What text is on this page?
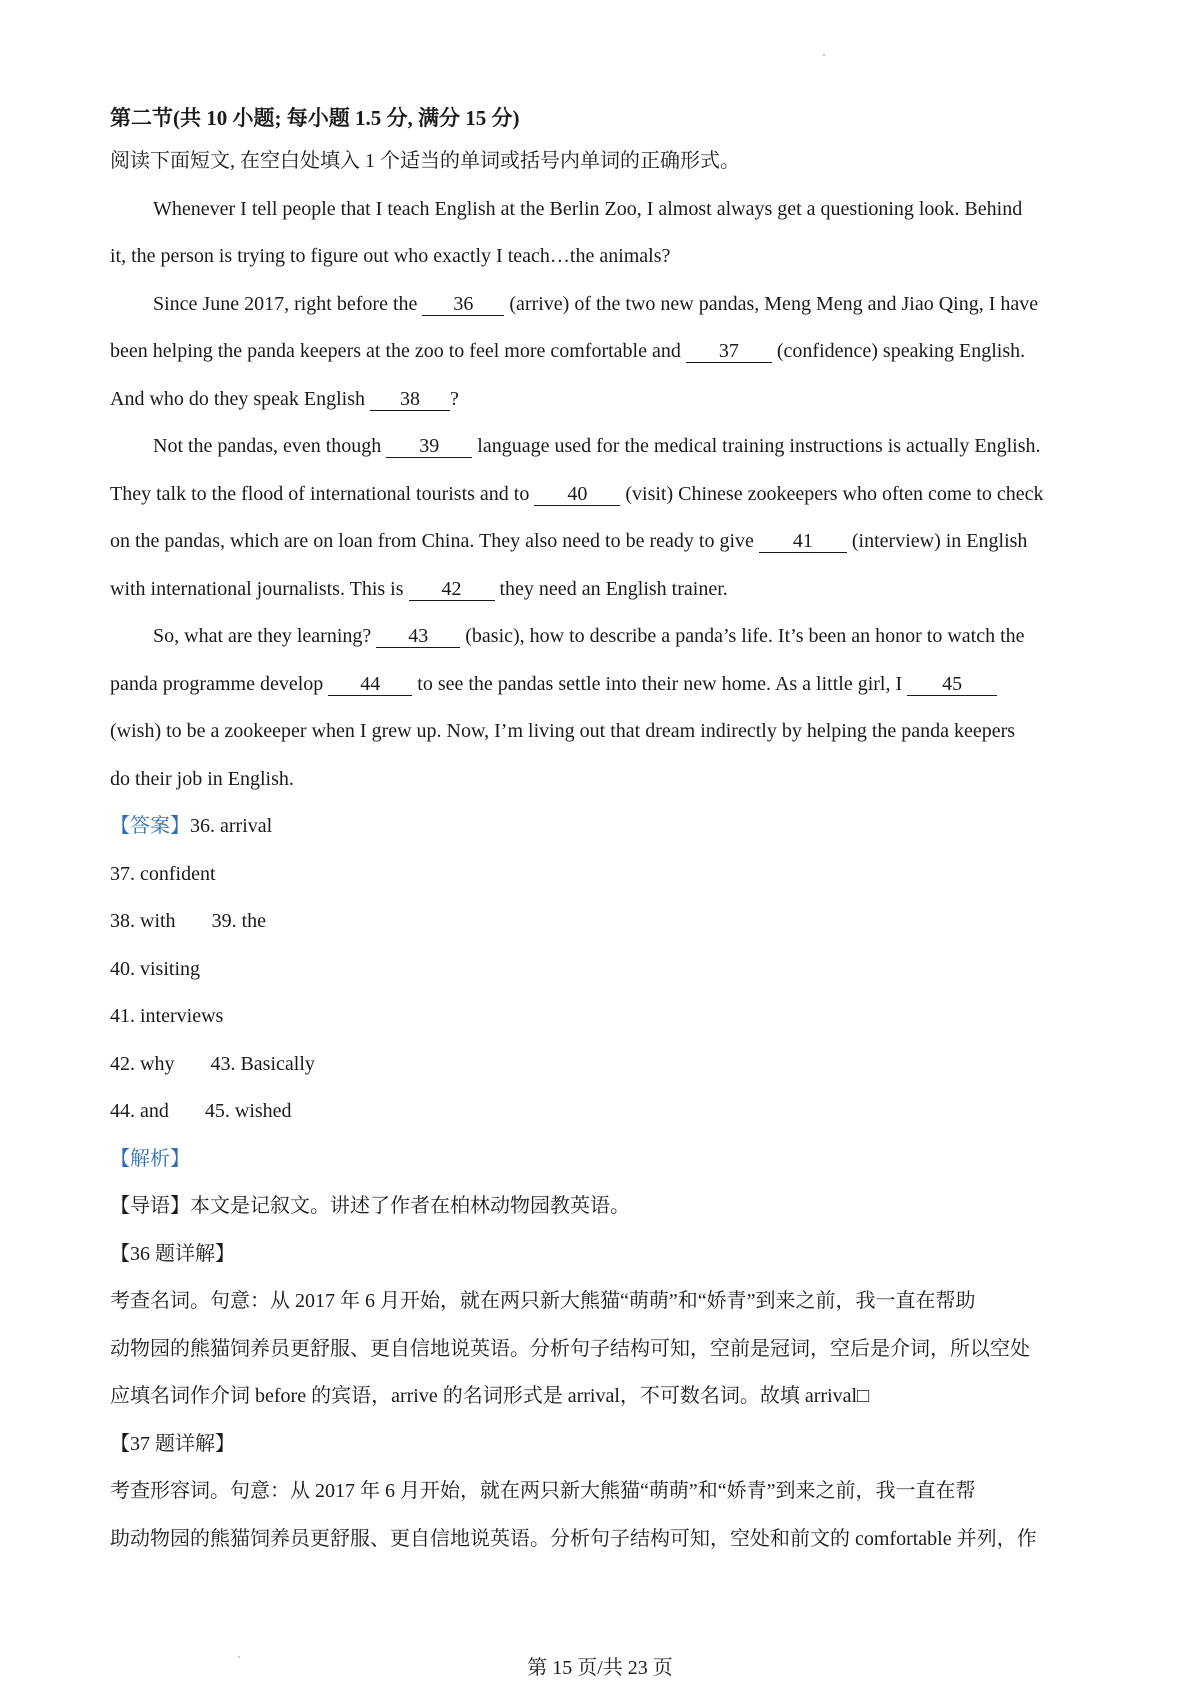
第二节(共 10 小题; 每小题 1.5 分, 满分 15 分)
阅读下面短文, 在空白处填入 1 个适当的单词或括号内单词的正确形式。
Whenever I tell people that I teach English at the Berlin Zoo, I almost always get a questioning look. Behind
it, the person is trying to figure out who exactly I teach…the animals?
Since June 2017, right before the 36 (arrive) of the two new pandas, Meng Meng and Jiao Qing, I have
been helping the panda keepers at the zoo to feel more comfortable and 37 (confidence) speaking English.
And who do they speak English 38 ?
Not the pandas, even though 39 language used for the medical training instructions is actually English.
They talk to the flood of international tourists and to 40 (visit) Chinese zookeepers who often come to check
on the pandas, which are on loan from China. They also need to be ready to give 41 (interview) in English
with international journalists. This is 42 they need an English trainer.
So, what are they learning? 43 (basic), how to describe a panda’s life. It’s been an honor to watch the
panda programme develop 44 to see the pandas settle into their new home. As a little girl, I 45
(wish) to be a zookeeper when I grew up. Now, I’m living out that dream indirectly by helping the panda keepers
do their job in English.
【答案】36. arrival
37. confident
38. with 39. the
40. visiting
41. interviews
42. why 43. Basically
44. and 45. wished
【解析】
【导语】本文是记叙文。讲述了作者在柏林动物园教英语。
【36 题详解】
考查名词。句意：从 2017 年 6 月开始，就在两只新大熊猫“萌萌”和“娇青”到来之前，我一直在帮助
动物园的熊猫饲养员更舒服、更自信地说英语。分析句子结构可知，空前是冠词，空后是介词，所以空处
应填名词作介词 before 的宾语，arrive 的名词形式是 arrival，不可数名词。故填 arrival□
【37 题详解】
考查形容词。句意：从 2017 年 6 月开始，就在两只新大熊猫“萌萌”和“娇青”到来之前，我一直在帮
助动物园的熊猫饲养员更舒服、更自信地说英语。分析句子结构可知，空处和前文的 comfortable 并列，作
第 15 页/共 23 页
